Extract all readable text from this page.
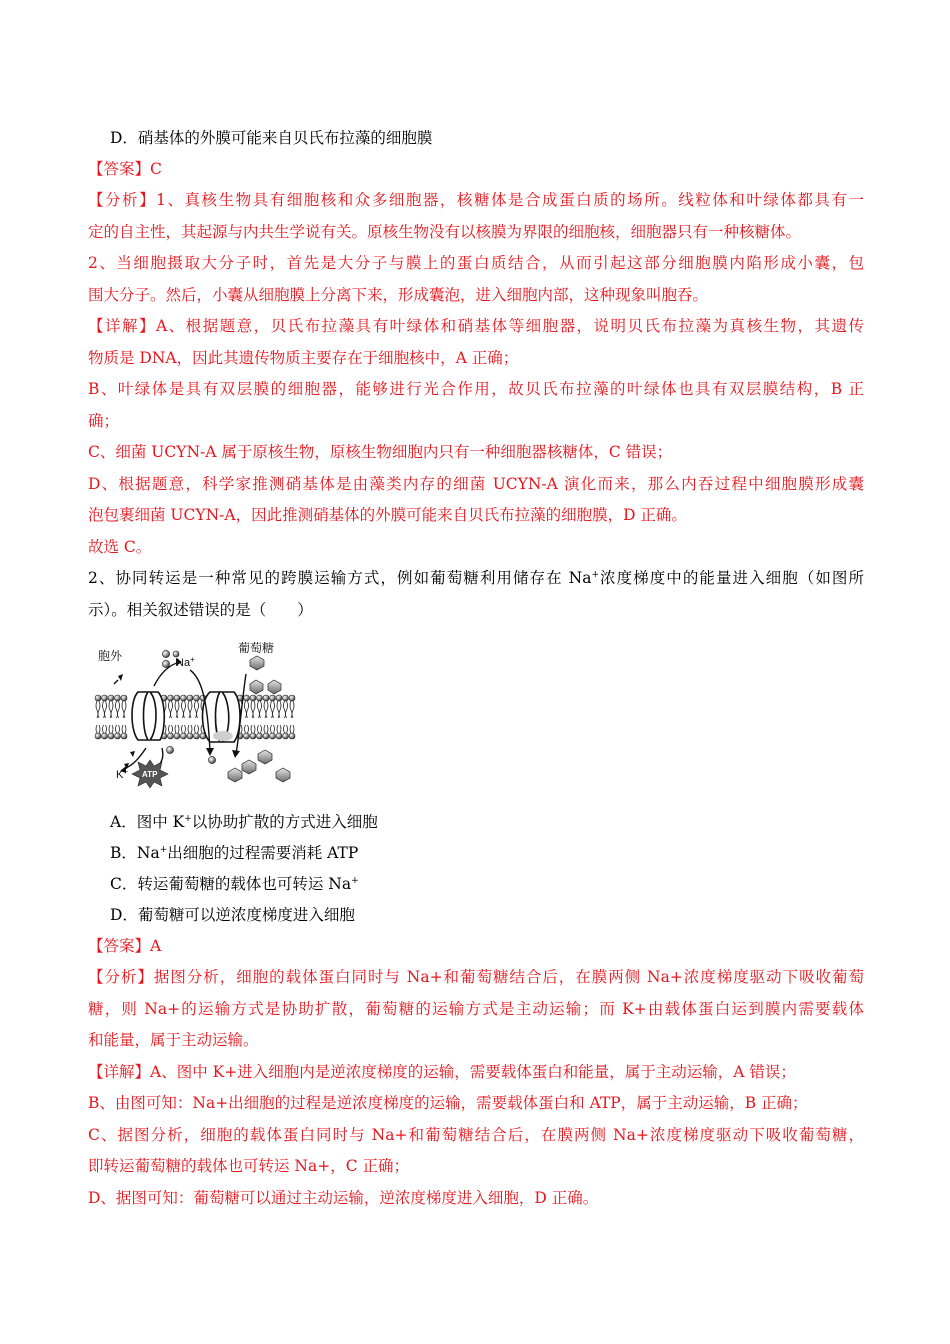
D．硝基体的外膜可能来自贝氏布拉藻的细胞膜
【答案】C
【分析】1、真核生物具有细胞核和众多细胞器，核糖体是合成蛋白质的场所。线粒体和叶绿体都具有一
定的自主性，其起源与内共生学说有关。原核生物没有以核膜为界限的细胞核，细胞器只有一种核糖体。
2、当细胞摄取大分子时，首先是大分子与膜上的蛋白质结合，从而引起这部分细胞膜内陷形成小囊，包
围大分子。然后，小囊从细胞膜上分离下来，形成囊泡，进入细胞内部，这种现象叫胞吞。
【详解】A、根据题意，贝氏布拉藻具有叶绿体和硝基体等细胞器，说明贝氏布拉藻为真核生物，其遗传
物质是 DNA，因此其遗传物质主要存在于细胞核中，A 正确；
B、叶绿体是具有双层膜的细胞器，能够进行光合作用，故贝氏布拉藻的叶绿体也具有双层膜结构，B 正
确；
C、细菌 UCYN-A 属于原核生物，原核生物细胞内只有一种细胞器核糖体，C 错误；
D、根据题意，科学家推测硝基体是由藻类内存的细菌 UCYN-A 演化而来，那么内吞过程中细胞膜形成囊
泡包裹细菌 UCYN-A，因此推测硝基体的外膜可能来自贝氏布拉藻的细胞膜，D 正确。
故选 C。
2、协同转运是一种常见的跨膜运输方式，例如葡萄糖利用储存在 Na+浓度梯度中的能量进入细胞（如图所
示）。相关叙述错误的是（　　）
胞外	Na+
葡萄糖
K+ ATP
A．图中 K+以协助扩散的方式进入细胞
B．Na+出细胞的过程需要消耗 ATP
C．转运葡萄糖的载体也可转运 Na+
D．葡萄糖可以逆浓度梯度进入细胞
【答案】A
【分析】据图分析，细胞的载体蛋白同时与 Na+和葡萄糖结合后，在膜两侧 Na+浓度梯度驱动下吸收葡萄
糖，则 Na+的运输方式是协助扩散，葡萄糖的运输方式是主动运输；而 K+由载体蛋白运到膜内需要载体
和能量，属于主动运输。
【详解】A、图中 K+进入细胞内是逆浓度梯度的运输，需要载体蛋白和能量，属于主动运输，A 错误；
B、由图可知：Na+出细胞的过程是逆浓度梯度的运输，需要载体蛋白和 ATP，属于主动运输，B 正确；
C、据图分析，细胞的载体蛋白同时与 Na+和葡萄糖结合后，在膜两侧 Na+浓度梯度驱动下吸收葡萄糖，
即转运葡萄糖的载体也可转运 Na+，C 正确；
D、据图可知：葡萄糖可以通过主动运输，逆浓度梯度进入细胞，D 正确。
